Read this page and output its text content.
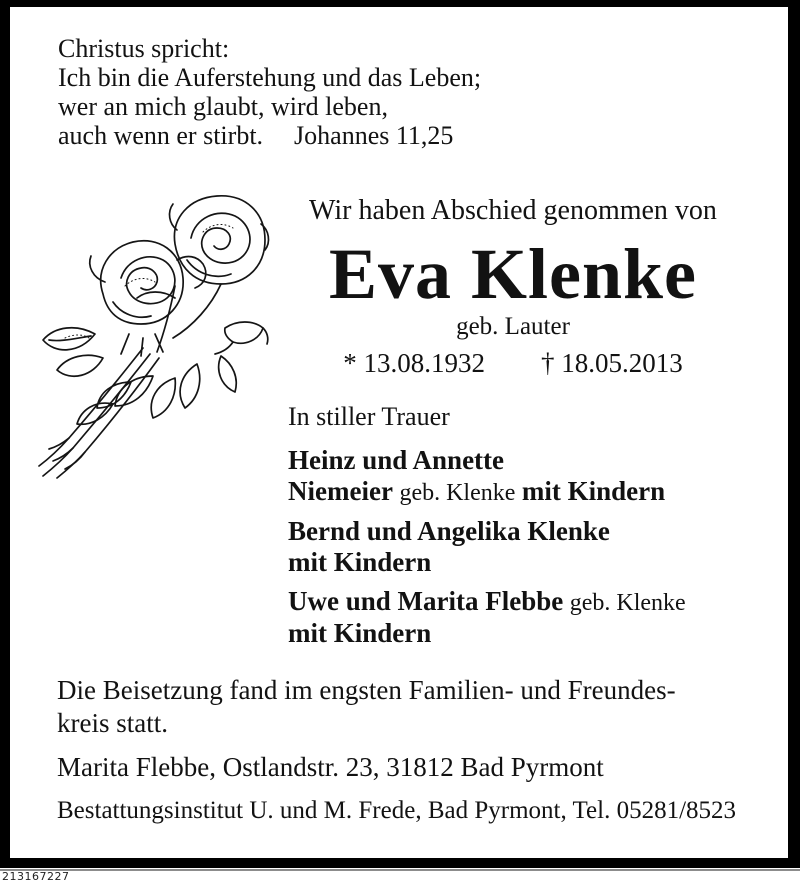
Christus spricht:
Ich bin die Auferstehung und das Leben;
wer an mich glaubt, wird leben,
auch wenn er stirbt. Johannes 11,25
Wir haben Abschied genommen von
Eva Klenke
geb. Lauter
* 13.08.1932 † 18.05.2013
In stiller Trauer
Heinz und Annette
Niemeier geb. Klenke mit Kindern
Bernd und Angelika Klenke
mit Kindern
Uwe und Marita Flebbe geb. Klenke
mit Kindern
Die Beisetzung fand im engsten Familien- und Freundes-
kreis statt.
Marita Flebbe, Ostlandstr. 23, 31812 Bad Pyrmont
Bestattungsinstitut U. und M. Frede, Bad Pyrmont, Tel. 05281/8523
213167227
